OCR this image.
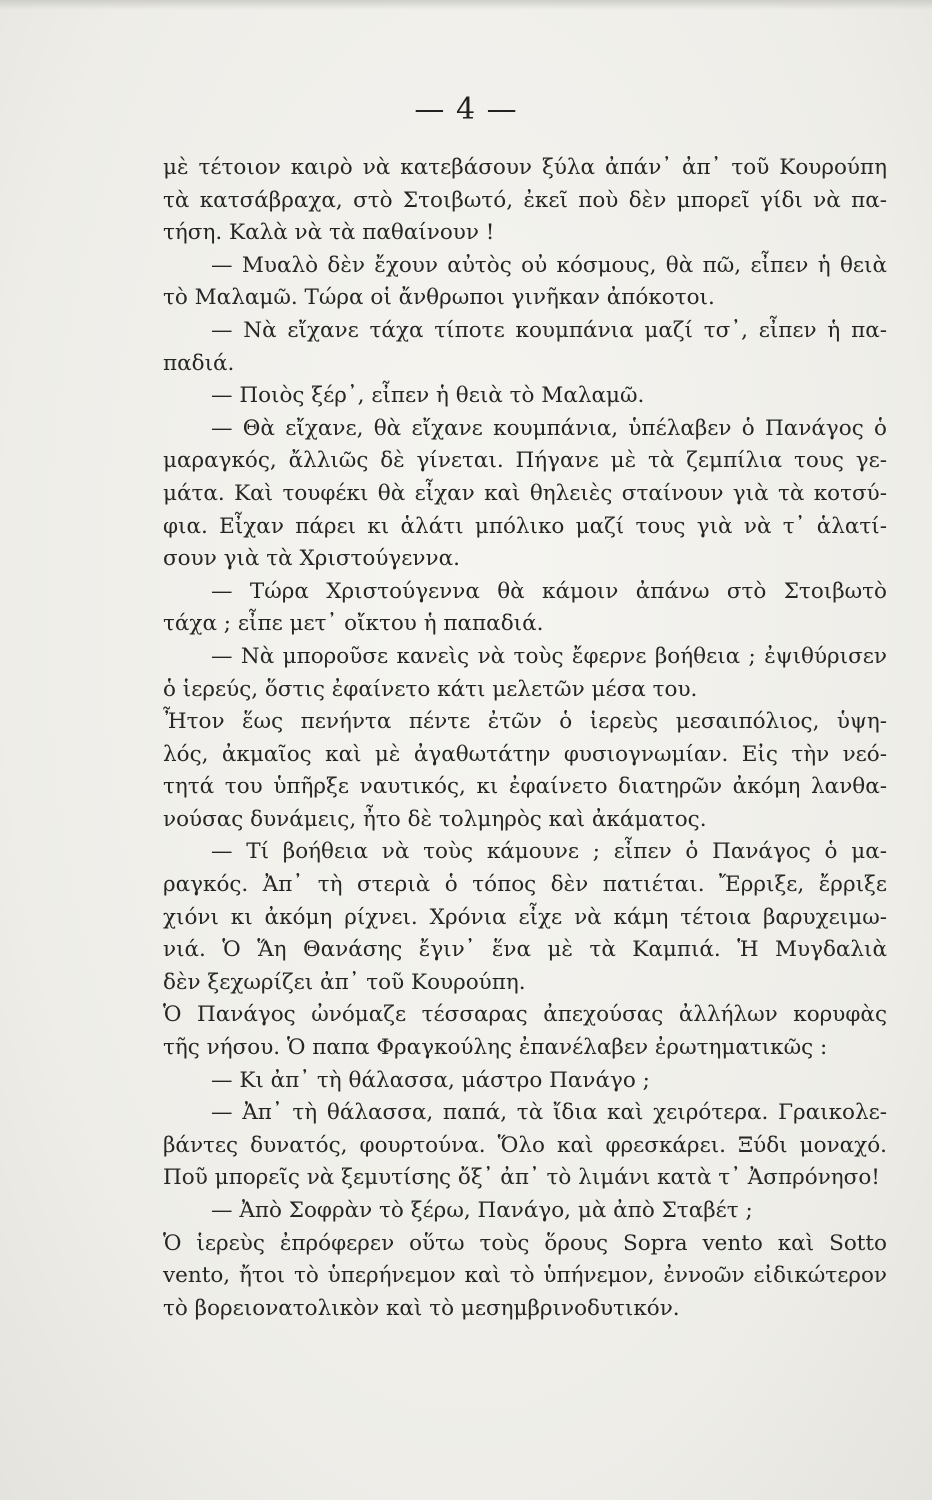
— 4 —
μὲ τέτοιον καιρὸ νὰ κατεβάσουν ξύλα ἀπάν᾿ ἀπ᾿ τοῦ Κουρούπη
τὰ κατσάβραχα, στὸ Στοιβωτό, ἐκεῖ ποὺ δὲν μπορεῖ γίδι νὰ πα-
τήση. Καλὰ νὰ τὰ παθαίνουν !
— Μυαλὸ δὲν ἔχουν αὐτὸς οὐ κόσμους, θὰ πῶ, εἶπεν ἡ θειὰ
τὸ Μαλαμῶ. Τώρα οἱ ἄνθρωποι γινῆκαν ἀπόκοτοι.
— Νὰ εἴχανε τάχα τίποτε κουμπάνια μαζί τσ᾿, εἶπεν ἡ πα-
παδιά.
— Ποιὸς ξέρ᾿, εἶπεν ἡ θειὰ τὸ Μαλαμῶ.
— Θὰ εἴχανε, θὰ εἴχανε κουμπάνια, ὑπέλαβεν ὁ Πανάγος ὁ
μαραγκός, ἄλλιῶς δὲ γίνεται. Πήγανε μὲ τὰ ζεμπίλια τους γε-
μάτα. Καὶ τουφέκι θὰ εἶχαν καὶ θηλειὲς σταίνουν γιὰ τὰ κοτσύ-
φια. Εἶχαν πάρει κι ἁλάτι μπόλικο μαζί τους γιὰ νὰ τ᾿ ἁλατί-
σουν γιὰ τὰ Χριστούγεννα.
— Τώρα Χριστούγεννα θὰ κάμοιν ἀπάνω στὸ Στοιβωτὸ
τάχα ; εἶπε μετ᾿ οἴκτου ἡ παπαδιά.
— Νὰ μποροῦσε κανεὶς νὰ τοὺς ἔφερνε βοήθεια ; ἐψιθύρισεν
ὁ ἱερεύς, ὅστις ἐφαίνετο κάτι μελετῶν μέσα του.
Ἦτον ἕως πενήντα πέντε ἐτῶν ὁ ἱερεὺς μεσαιπόλιος, ὑψη-
λός, ἀκμαῖος καὶ μὲ ἀγαθωτάτην φυσιογνωμίαν. Εἰς τὴν νεό-
τητά του ὑπῆρξε ναυτικός, κι ἐφαίνετο διατηρῶν ἀκόμη λανθα-
νούσας δυνάμεις, ἦτο δὲ τολμηρὸς καὶ ἀκάματος.
— Τί βοήθεια νὰ τοὺς κάμουνε ; εἶπεν ὁ Πανάγος ὁ μα-
ραγκός. Ἀπ᾿ τὴ στεριὰ ὁ τόπος δὲν πατιέται. Ἔρριξε, ἔρριξε
χιόνι κι ἀκόμη ρίχνει. Χρόνια εἶχε νὰ κάμη τέτοια βαρυχειμω-
νιά. Ὁ Ἅη Θανάσης ἔγιν᾿ ἕνα μὲ τὰ Καμπιά. Ἡ Μυγδαλιὰ
δὲν ξεχωρίζει ἀπ᾿ τοῦ Κουρούπη.
Ὁ Πανάγος ὠνόμαζε τέσσαρας ἀπεχούσας ἀλλήλων κορυφὰς
τῆς νήσου. Ὁ παπα Φραγκούλης ἐπανέλαβεν ἐρωτηματικῶς :
— Κι ἀπ᾿ τὴ θάλασσα, μάστρο Πανάγο ;
— Ἀπ᾿ τὴ θάλασσα, παπά, τὰ ἴδια καὶ χειρότερα. Γραικολε-
βάντες δυνατός, φουρτούνα. Ὅλο καὶ φρεσκάρει. Ξύδι μοναχό.
Ποῦ μπορεῖς νὰ ξεμυτίσης ὄξ᾿ ἀπ᾿ τὸ λιμάνι κατὰ τ᾿ Ἀσπρόνησο!
— Ἀπὸ Σοφρὰν τὸ ξέρω, Πανάγο, μὰ ἀπὸ Σταβέτ ;
Ὁ ἱερεὺς ἐπρόφερεν οὕτω τοὺς ὅρους Sopra vento καὶ Sotto
vento, ἤτοι τὸ ὑπερήνεμον καὶ τὸ ὑπήνεμον, ἐννοῶν εἰδικώτερον
τὸ βορειονατολικὸν καὶ τὸ μεσημβρινοδυτικόν.
